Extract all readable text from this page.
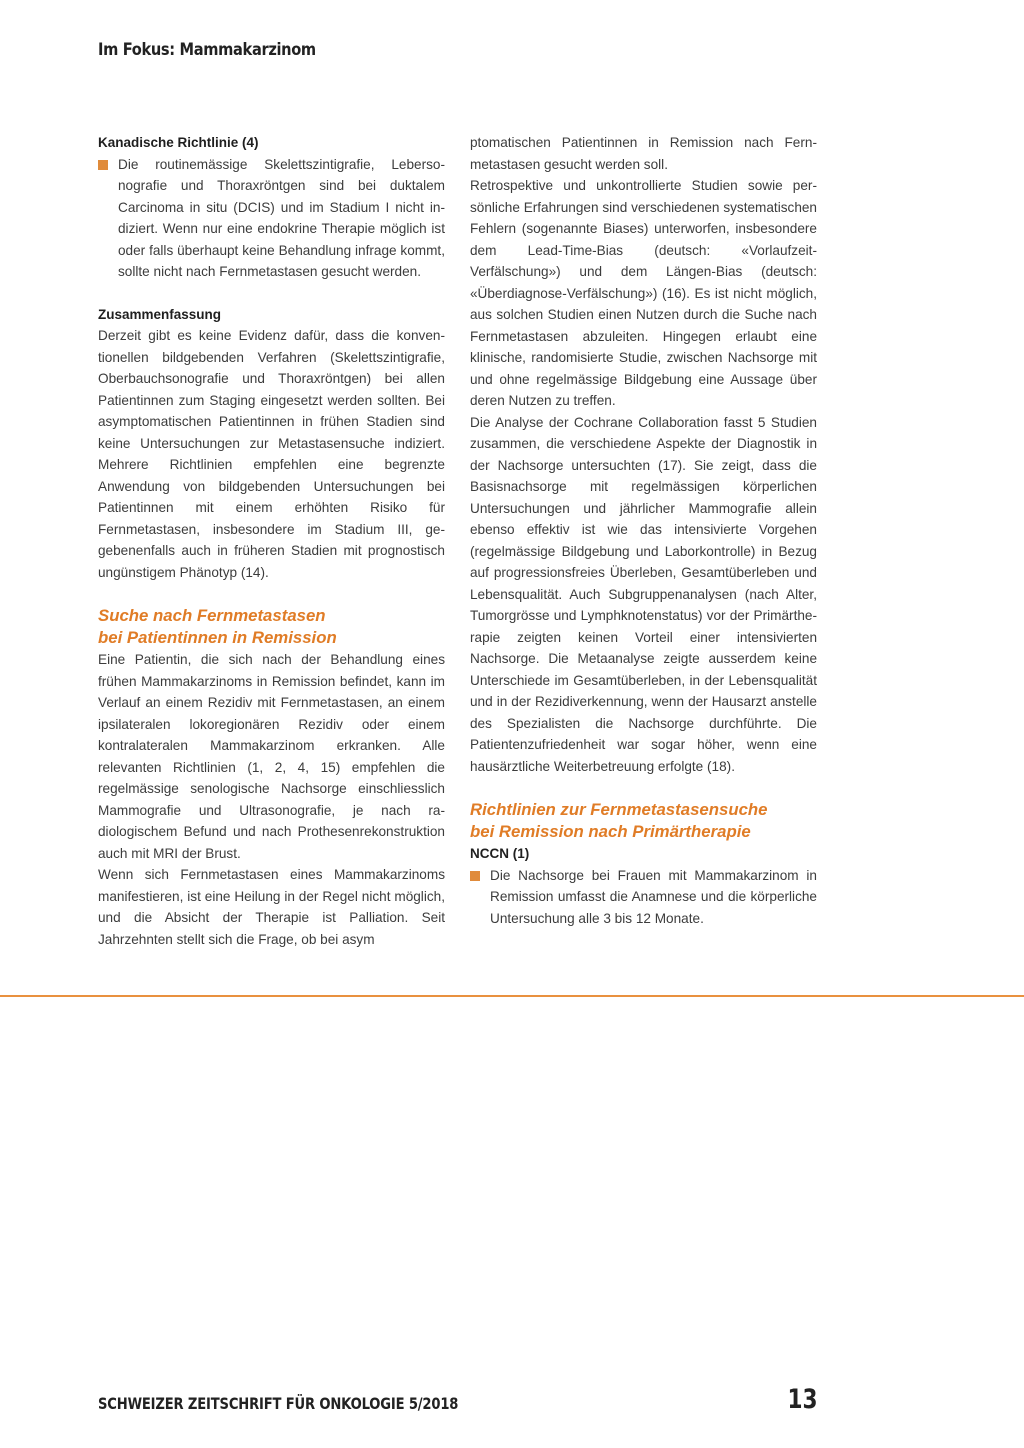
Im Fokus: Mammakarzinom

Kanadische Richtlinie (4)

Die routinemässige Skelettszintigrafie, Lebersonografie und Thoraxröntgen sind bei duktalem Carcinoma in situ (DCIS) und im Stadium I nicht indiziert. Wenn nur eine endokrine Therapie möglich ist oder falls überhaupt keine Behandlung infrage kommt, sollte nicht nach Fernmetastasen gesucht werden.

Zusammenfassung

Derzeit gibt es keine Evidenz dafür, dass die konventionellen bildgebenden Verfahren (Skelettszintigrafie, Oberbauchsonografie und Thoraxröntgen) bei allen Patientinnen zum Staging eingesetzt werden sollten. Bei asymptomatischen Patientinnen in frühen Stadien sind keine Untersuchungen zur Metastasensuche indiziert. Mehrere Richtlinien empfehlen eine begrenzte Anwendung von bildgebenden Untersuchungen bei Patientinnen mit einem erhöhten Risiko für Fernmetastasen, insbesondere im Stadium III, gegebenenfalls auch in früheren Stadien mit prognostisch ungünstigem Phänotyp (14).

Suche nach Fernmetastasen

bei Patientinnen in Remission

Eine Patientin, die sich nach der Behandlung eines frühen Mammakarzinoms in Remission befindet, kann im Verlauf an einem Rezidiv mit Fernmetastasen, an einem ipsilateralen lokoregionären Rezidiv oder einem kontralateralen Mammakarzinom erkranken. Alle relevanten Richtlinien (1, 2, 4, 15) empfehlen die regelmässige senologische Nachsorge einschliesslich Mammografie und Ultrasonografie, je nach radiologischem Befund und nach Prothesenrekonstruktion auch mit MRI der Brust.

Wenn sich Fernmetastasen eines Mammakarzinoms manifestieren, ist eine Heilung in der Regel nicht möglich, und die Absicht der Therapie ist Palliation. Seit Jahrzehnten stellt sich die Frage, ob bei asym

ptomatischen Patientinnen in Remission nach Fernmetastasen gesucht werden soll.

Retrospektive und unkontrollierte Studien sowie persönliche Erfahrungen sind verschiedenen systematischen Fehlern (sogenannte Biases) unterworfen, insbesondere dem Lead-Time-Bias (deutsch: «Vorlaufzeit-Verfälschung») und dem Längen-Bias (deutsch: «Überdiagnose-Verfälschung») (16). Es ist nicht möglich, aus solchen Studien einen Nutzen durch die Suche nach Fernmetastasen abzuleiten. Hingegen erlaubt eine klinische, randomisierte Studie, zwischen Nachsorge mit und ohne regelmässige Bildgebung eine Aussage über deren Nutzen zu treffen.

Die Analyse der Cochrane Collaboration fasst 5 Studien zusammen, die verschiedene Aspekte der Diagnostik in der Nachsorge untersuchten (17). Sie zeigt, dass die Basisnachsorge mit regelmässigen körperlichen Untersuchungen und jährlicher Mammografie allein ebenso effektiv ist wie das intensivierte Vorgehen (regelmässige Bildgebung und Laborkontrolle) in Bezug auf progressionsfreies Überleben, Gesamtüberleben und Lebensqualität. Auch Subgruppenanalysen (nach Alter, Tumorgrösse und Lymphknotenstatus) vor der Primärtherapie zeigten keinen Vorteil einer intensivierten Nachsorge. Die Metaanalyse zeigte ausserdem keine Unterschiede im Gesamtüberleben, in der Lebensqualität und in der Rezidiverkennung, wenn der Hausarzt anstelle des Spezialisten die Nachsorge durchführte. Die Patientenzufriedenheit war sogar höher, wenn eine hausärztliche Weiterbetreuung erfolgte (18).

Richtlinien zur Fernmetastasensuche

bei Remission nach Primärtherapie

NCCN (1)

Die Nachsorge bei Frauen mit Mammakarzinom in Remission umfasst die Anamnese und die körperliche Untersuchung alle 3 bis 12 Monate.

SCHWEIZER ZEITSCHRIFT FÜR ONKOLOGIE 5/2018	13
